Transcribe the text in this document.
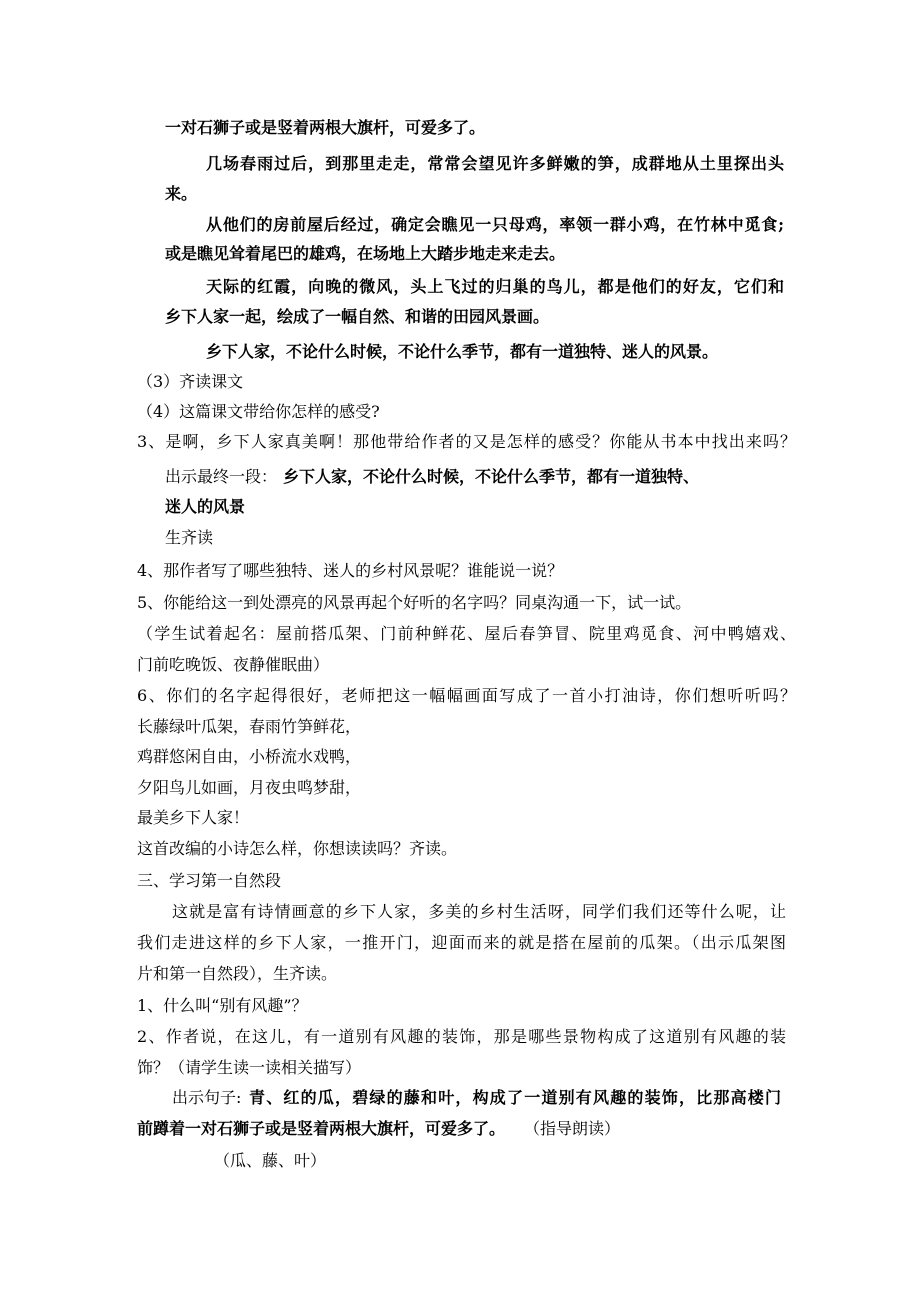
一对石狮子或是竖着两根大旗杆，可爱多了。

几场春雨过后，到那里走走，常常会望见许多鲜嫩的笋，成群地从土里探出头

来。

从他们的房前屋后经过，确定会瞧见一只母鸡，率领一群小鸡，在竹林中觅食;

或是瞧见耸着尾巴的雄鸡，在场地上大踏步地走来走去。

天际的红霞，向晚的微风，头上飞过的归巢的鸟儿，都是他们的好友，它们和

乡下人家一起，绘成了一幅自然、和谐的田园风景画。

乡下人家，不论什么时候，不论什么季节，都有一道独特、迷人的风景。

（3）齐读课文

（4）这篇课文带给你怎样的感受?

3、是啊，乡下人家真美啊！那他带给作者的又是怎样的感受？你能从书本中找出来吗？

出示最终一段： 乡下人家，不论什么时候，不论什么季节，都有一道独特、

迷人的风景

生齐读

4、那作者写了哪些独特、迷人的乡村风景呢？谁能说一说？

5、你能给这一到处漂亮的风景再起个好听的名字吗？同桌沟通一下，试一试。

（学生试着起名：屋前搭瓜架、门前种鲜花、屋后春笋冒、院里鸡觅食、河中鸭嬉戏、

门前吃晚饭、夜静催眠曲）

6、你们的名字起得很好，老师把这一幅幅画面写成了一首小打油诗，你们想听听吗？

长藤绿叶瓜架，春雨竹笋鲜花，

鸡群悠闲自由，小桥流水戏鸭，

夕阳鸟儿如画，月夜虫鸣梦甜，

最美乡下人家！

这首改编的小诗怎么样，你想读读吗？齐读。

三、学习第一自然段

这就是富有诗情画意的乡下人家，多美的乡村生活呀，同学们我们还等什么呢，让

我们走进这样的乡下人家，一推开门，迎面而来的就是搭在屋前的瓜架。（出示瓜架图

片和第一自然段），生齐读。

1、什么叫“别有风趣”？

2、作者说，在这儿，有一道别有风趣的装饰，那是哪些景物构成了这道别有风趣的装

饰？（请学生读一读相关描写）

出示句子: 青、红的瓜，碧绿的藤和叶，构成了一道别有风趣的装饰，比那高楼门

前蹲着一对石狮子或是竖着两根大旗杆，可爱多了。 （指导朗读）

（瓜、藤、叶）
